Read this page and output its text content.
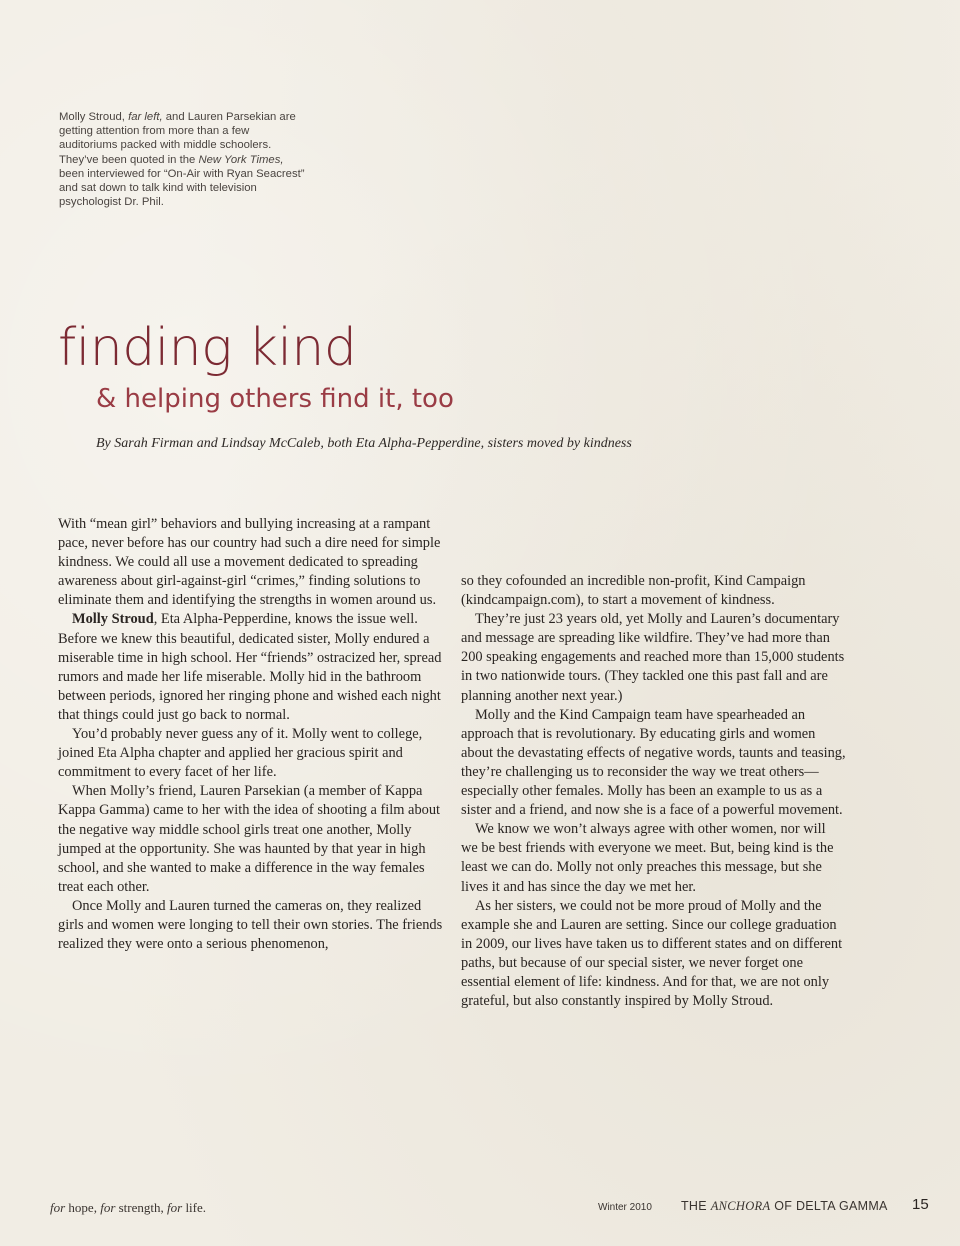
Molly Stroud, far left, and Lauren Parsekian are getting attention from more than a few auditoriums packed with middle schoolers. They’ve been quoted in the New York Times, been interviewed for “On-Air with Ryan Seacrest” and sat down to talk kind with television psychologist Dr. Phil.

finding kind
& helping others find it, too
By Sarah Firman and Lindsay McCaleb, both Eta Alpha-Pepperdine, sisters moved by kindness

With “mean girl” behaviors and bullying increasing at a rampant pace, never before has our country had such a dire need for simple kindness. We could all use a movement dedicated to spreading awareness about girl-against-girl “crimes,” finding solutions to eliminate them and identifying the strengths in women around us.

Molly Stroud, Eta Alpha-Pepperdine, knows the issue well. Before we knew this beautiful, dedicated sister, Molly endured a miserable time in high school. Her “friends” ostracized her, spread rumors and made her life miserable. Molly hid in the bathroom between periods, ignored her ringing phone and wished each night that things could just go back to normal.

You’d probably never guess any of it. Molly went to college, joined Eta Alpha chapter and applied her gracious spirit and commitment to every facet of her life.

When Molly’s friend, Lauren Parsekian (a member of Kappa Kappa Gamma) came to her with the idea of shooting a film about the negative way middle school girls treat one another, Molly jumped at the opportunity. She was haunted by that year in high school, and she wanted to make a difference in the way females treat each other.

Once Molly and Lauren turned the cameras on, they realized girls and women were longing to tell their own stories. The friends realized they were onto a serious phenomenon,

so they cofounded an incredible non-profit, Kind Campaign (kindcampaign.com), to start a movement of kindness.

They’re just 23 years old, yet Molly and Lauren’s documentary and message are spreading like wildfire. They’ve had more than 200 speaking engagements and reached more than 15,000 students in two nationwide tours. (They tackled one this past fall and are planning another next year.)

Molly and the Kind Campaign team have spearheaded an approach that is revolutionary. By educating girls and women about the devastating effects of negative words, taunts and teasing, they’re challenging us to reconsider the way we treat others—especially other females. Molly has been an example to us as a sister and a friend, and now she is a face of a powerful movement.

We know we won’t always agree with other women, nor will we be best friends with everyone we meet. But, being kind is the least we can do. Molly not only preaches this message, but she lives it and has since the day we met her.

As her sisters, we could not be more proud of Molly and the example she and Lauren are setting. Since our college graduation in 2009, our lives have taken us to different states and on different paths, but because of our special sister, we never forget one essential element of life: kindness. And for that, we are not only grateful, but also constantly inspired by Molly Stroud.

for hope, for strength, for life.	Winter 2010 THE ANCHORA OF DELTA GAMMA 15
